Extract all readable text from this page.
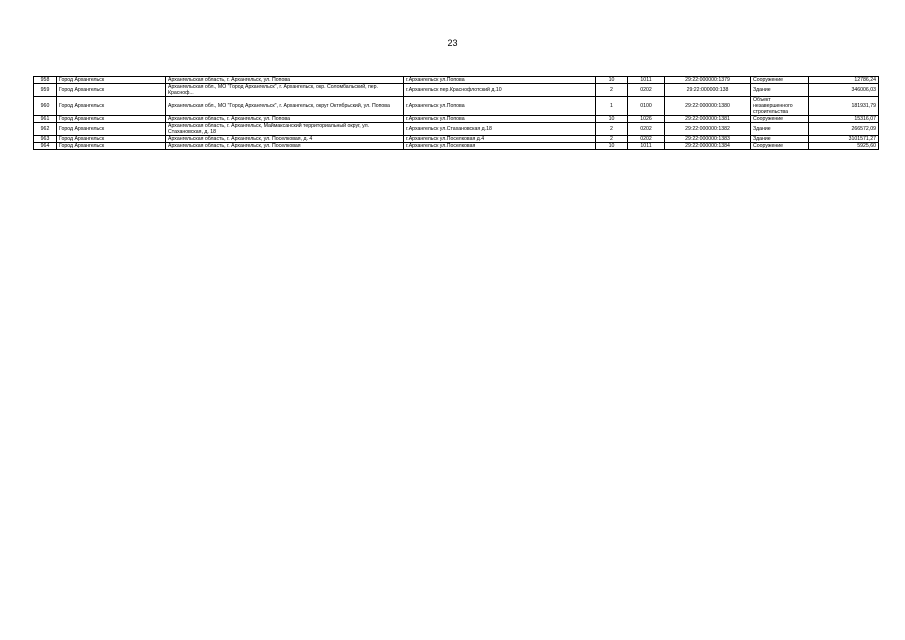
23
958	Город Архангельск	Архангельская область, г. Архангельск, ул. Попова	г.Архангельск ул.Попова	10	1011	29:22:000000:1379	Сооружение	12786,24
959	Город Архангельск	Архангельская обл., МО "Город Архангельск", г. Архангельск, окр. Соломбальский, пер. Красноф...	г.Архангельск пер.Краснофлотский д.10	2	0202	29:22:000000:138	Здание	346006,03
960	Город Архангельск	Архангельская обл., МО "Город Архангельск", г. Архангельск, округ Октябрьский, ул. Попова	г.Архангельск ул.Попова	1	0100	29:22:000000:1380	Объект незавершенного строительства	181931,79
961	Город Архангельск	Архангельская область, г. Архангельск, ул. Попова	г.Архангельск ул.Попова	10	1026	29:22:000000:1381	Сооружение	15316,07
962	Город Архангельск	Архангельская область, г. Архангельск, Маймаксанский территориальный округ, ул. Стахановская, д. 18	г.Архангельск ул.Стахановская д.18	2	0202	29:22:000000:1382	Здание	266572,09
963	Город Архангельск	Архангельская область, г. Архангельск, ул. Поселковая, д. 4	г.Архангельск ул.Поселковая д.4	2	0202	29:22:000000:1383	Здание	3101571,27
964	Город Архангельск	Архангельская область, г. Архангельск, ул. Поселковая	г.Архангельск ул.Поселковая	10	1011	29:22:000000:1384	Сооружение	5925,60
